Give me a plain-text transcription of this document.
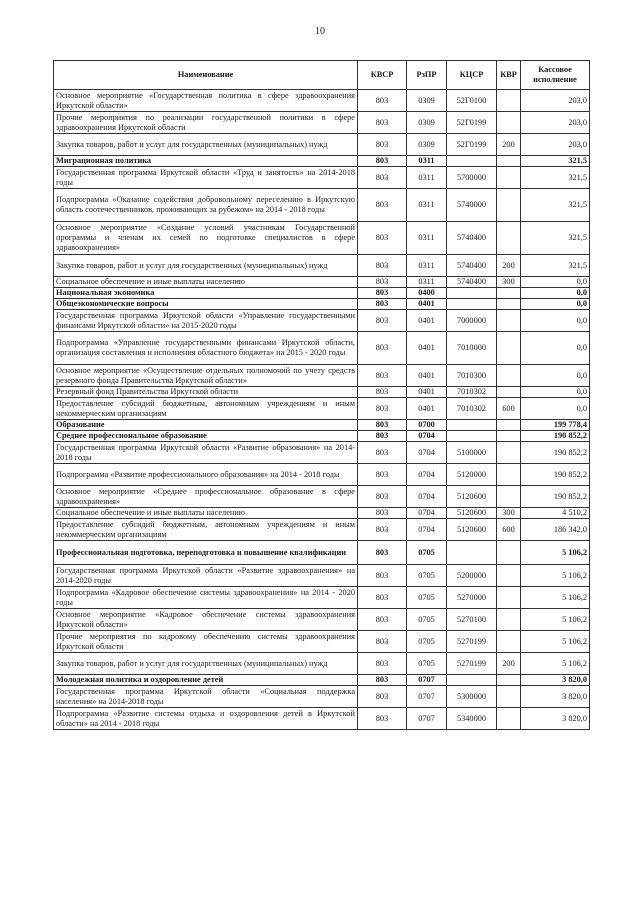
10
Наименование	КВСР	РзПР	КЦСР	КВР	Кассовое исполнение
Основное мероприятие «Государственная политика в сфере здравоохранения Иркутской области»	803	0309	52Г0100		203,0
Прочие мероприятия по реализации государственной политики в сфере здравоохранения Иркутской области	803	0309	52Г0199		203,0
Закупка товаров, работ и услуг для государственных (муниципальных) нужд	803	0309	52Г0199	200	203,0
Миграционная политика	803	0311			321,5
Государственная программа Иркутской области «Труд и занятость» на 2014-2018 годы	803	0311	5700000		321,5
Подпрограмма «Оказание содействия добровольному переселению в Иркутскую область соотечественников, проживающих за рубежом» на 2014 - 2018 годы	803	0311	5740000		321,5
Основное мероприятие «Создание условий участникам Государственной программы и членам их семей по подготовке специалистов в сфере здравоохранения»	803	0311	5740400		321,5
Закупка товаров, работ и услуг для государственных (муниципальных) нужд	803	0311	5740400	200	321,5
Социальное обеспечение и иные выплаты населению	803	0311	5740400	300	0,0
Национальная экономика	803	0400			0,0
Общеэкономические вопросы	803	0401			0,0
Государственная программа Иркутской области «Управление государственными финансами Иркутской области» на 2015-2020 годы	803	0401	7000000		0,0
Подпрограмма «Управление государственными финансами Иркутской области, организация составления и исполнения областного бюджета» на 2015 - 2020 годы	803	0401	7010000		0,0
Основное мероприятие «Осуществление отдельных полномочий по учету средств резервного фонда Правительства Иркутской области»	803	0401	7010300		0,0
Резервный фонд Правительства Иркутской области	803	0401	7010302		0,0
Предоставление субсидий бюджетным, автономным учреждениям и иным некоммерческим организациям	803	0401	7010302	600	0,0
Образование	803	0700			199 778,4
Среднее профессиональное образование	803	0704			190 852,2
Государственная программа Иркутской области «Развитие образования» на 2014-2018 годы	803	0704	5100000		190 852,2
Подпрограмма «Развитие профессионального образования» на 2014 - 2018 годы	803	0704	5120000		190 852,2
Основное мероприятие «Среднее профессиональное образование в сфере здравоохранения»	803	0704	5120600		190 852,2
Социальное обеспечение и иные выплаты населению	803	0704	5120600	300	4 510,2
Предоставление субсидий бюджетным, автономным учреждениям и иным некоммерческим организациям	803	0704	5120600	600	186 342,0
Профессиональная подготовка, переподготовка и повышение квалификации	803	0705			5 106,2
Государственная программа Иркутской области «Развитие здравоохранения» на 2014-2020 годы	803	0705	5200000		5 106,2
Подпрограмма «Кадровое обеспечение системы здравоохранения» на 2014 - 2020 годы	803	0705	5270000		5 106,2
Основное мероприятие «Кадровое обеспечение системы здравоохранения Иркутской области»	803	0705	5270100		5 106,2
Прочие мероприятия по кадровому обеспечению системы здравоохранения Иркутской области	803	0705	5270199		5 106,2
Закупка товаров, работ и услуг для государственных (муниципальных) нужд	803	0705	5270199	200	5 106,2
Молодежная политика и оздоровление детей	803	0707			3 820,0
Государственная программа Иркутской области «Социальная поддержка населения» на 2014-2018 годы	803	0707	5300000		3 820,0
Подпрограмма «Развитие системы отдыха и оздоровления детей в Иркутской области» на 2014 - 2018 годы	803	0707	5340000		3 820,0
